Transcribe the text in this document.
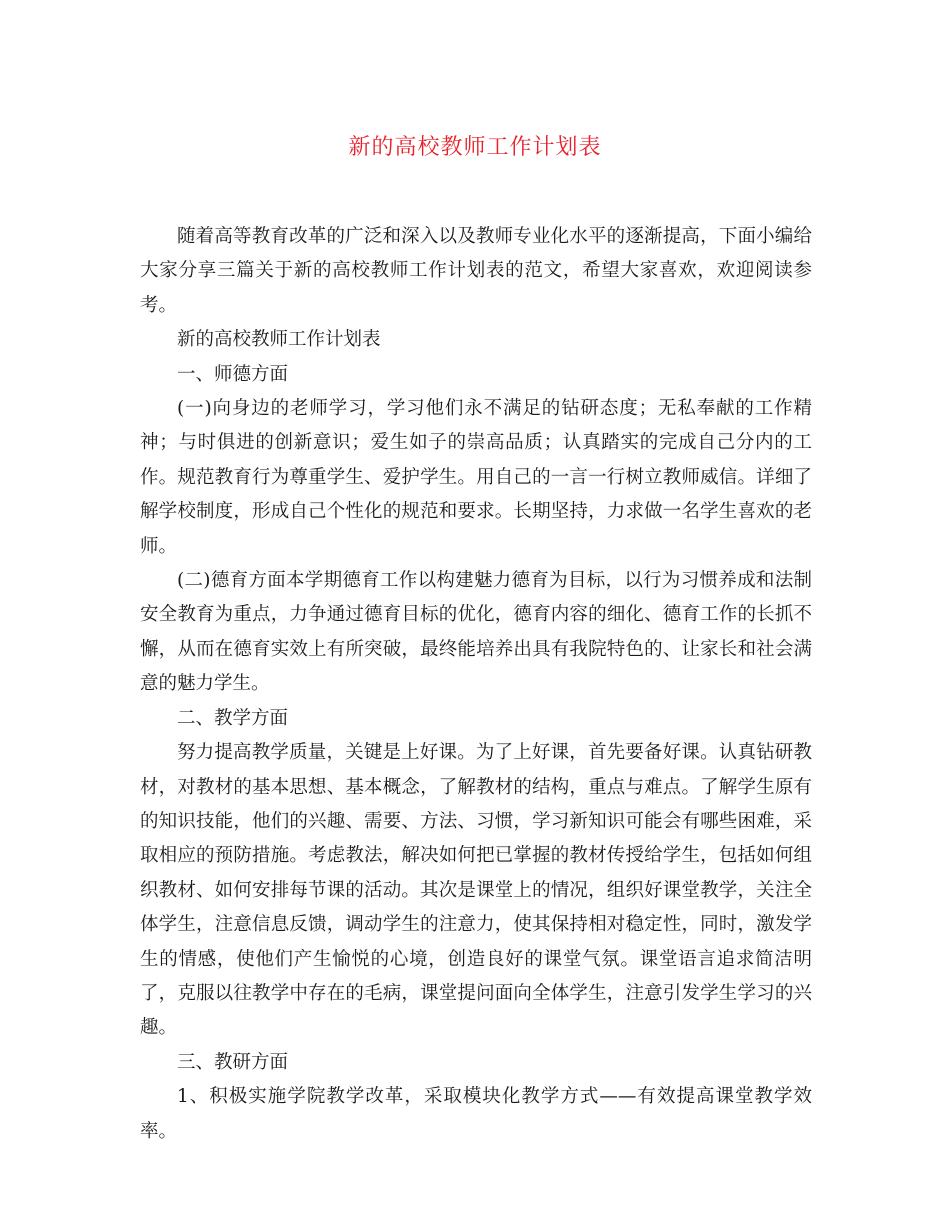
新的高校教师工作计划表

随着高等教育改革的广泛和深入以及教师专业化水平的逐渐提高，下面小编给大家分享三篇关于新的高校教师工作计划表的范文，希望大家喜欢，欢迎阅读参考。

新的高校教师工作计划表

一、师德方面

(一)向身边的老师学习，学习他们永不满足的钻研态度；无私奉献的工作精神；与时俱进的创新意识；爱生如子的崇高品质；认真踏实的完成自己分内的工作。规范教育行为尊重学生、爱护学生。用自己的一言一行树立教师威信。详细了解学校制度，形成自己个性化的规范和要求。长期坚持，力求做一名学生喜欢的老师。

(二)德育方面本学期德育工作以构建魅力德育为目标，以行为习惯养成和法制安全教育为重点，力争通过德育目标的优化，德育内容的细化、德育工作的长抓不懈，从而在德育实效上有所突破，最终能培养出具有我院特色的、让家长和社会满意的魅力学生。

二、教学方面

努力提高教学质量，关键是上好课。为了上好课，首先要备好课。认真钻研教材，对教材的基本思想、基本概念，了解教材的结构，重点与难点。了解学生原有的知识技能，他们的兴趣、需要、方法、习惯，学习新知识可能会有哪些困难，采取相应的预防措施。考虑教法，解决如何把已掌握的教材传授给学生，包括如何组织教材、如何安排每节课的活动。其次是课堂上的情况，组织好课堂教学，关注全体学生，注意信息反馈，调动学生的注意力，使其保持相对稳定性，同时，激发学生的情感，使他们产生愉悦的心境，创造良好的课堂气氛。课堂语言追求简洁明了，克服以往教学中存在的毛病，课堂提问面向全体学生，注意引发学生学习的兴趣。

三、教研方面

1、积极实施学院教学改革，采取模块化教学方式——有效提高课堂教学效率。
